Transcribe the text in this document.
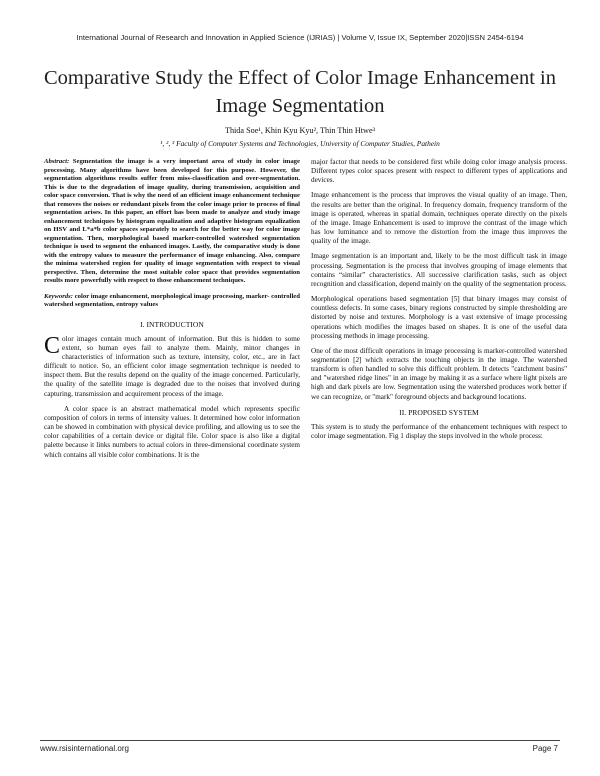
International Journal of Research and Innovation in Applied Science (IJRIAS) | Volume V, Issue IX, September 2020|ISSN 2454-6194
Comparative Study the Effect of Color Image Enhancement in Image Segmentation
Thida Soe¹, Khin Kyu Kyu², Thin Thin Htwe³
¹, ², ³ Faculty of Computer Systems and Technologies, University of Computer Studies, Pathein

Abstract: Segmentation the image is a very important area of study in color image processing. Many algorithms have been developed for this purpose. However, the segmentation algorithms results suffer from miss-classification and over-segmentation. This is due to the degradation of image quality, during transmission, acquisition and color space conversion. That is why the need of an efficient image enhancement technique that removes the noises or redundant pixels from the color image prior to process of final segmentation arises. In this paper, an effort has been made to analyze and study image enhancement techniques by histogram equalization and adaptive histogram equalization on HSV and L*a*b color spaces separately to search for the better way for color image segmentation. Then, morphological based marker-controlled watershed segmentation technique is used to segment the enhanced images. Lastly, the comparative study is done with the entropy values to measure the performance of image enhancing. Also, compare the minima watershed region for quality of image segmentation with respect to visual perspective. Then, determine the most suitable color space that provides segmentation results more powerfully with respect to those enhancement techniques.

Keywords: color image enhancement, morphological image processing, marker- controlled watershed segmentation, entropy values

I. INTRODUCTION

Color images contain much amount of information. But this is hidden to some extent, so human eyes fail to analyze them. Mainly, minor changes in characteristics of information such as texture, intensity, color, etc., are in fact difficult to notice. So, an efficient color image segmentation technique is needed to inspect them. But the results depend on the quality of the image concerned. Particularly, the quality of the satellite image is degraded due to the noises that involved during capturing, transmission and acquirement process of the image.

A color space is an abstract mathematical model which represents specific composition of colors in terms of intensity values. It determined how color information can be showed in combination with physical device profiling, and allowing us to see the color capabilities of a certain device or digital file. Color space is also like a digital palette because it links numbers to actual colors in three-dimensional coordinate system which contains all visible color combinations. It is the

major factor that needs to be considered first while doing color image analysis process. Different types color spaces present with respect to different types of applications and devices.

Image enhancement is the process that improves the visual quality of an image. Then, the results are better than the original. In frequency domain, frequency transform of the image is operated, whereas in spatial domain, techniques operate directly on the pixels of the image. Image Enhancement is used to improve the contrast of the image which has low luminance and to remove the distortion from the image thus improves the quality of the image.

Image segmentation is an important and, likely to be the most difficult task in image processing. Segmentation is the process that involves grouping of image elements that contains “similar” characteristics. All successive clarification tasks, such as object recognition and classification, depend mainly on the quality of the segmentation process.

Morphological operations based segmentation [5] that binary images may consist of countless defects. In some cases, binary regions constructed by simple thresholding are distorted by noise and textures. Morphology is a vast extensive of image processing operations which modifies the images based on shapes. It is one of the useful data processing methods in image processing.

One of the most difficult operations in image processing is marker-controlled watershed segmentation [2] which extracts the touching objects in the image. The watershed transform is often handled to solve this difficult problem. It detects "catchment basins" and "watershed ridge lines" in an image by making it as a surface where light pixels are high and dark pixels are low. Segmentation using the watershed produces work better if we can recognize, or "mark" foreground objects and background locations.

II. PROPOSED SYSTEM

This system is to study the performance of the enhancement techniques with respect to color image segmentation. Fig 1 display the steps involved in the whole process:

www.rsisinternational.org	Page 7
